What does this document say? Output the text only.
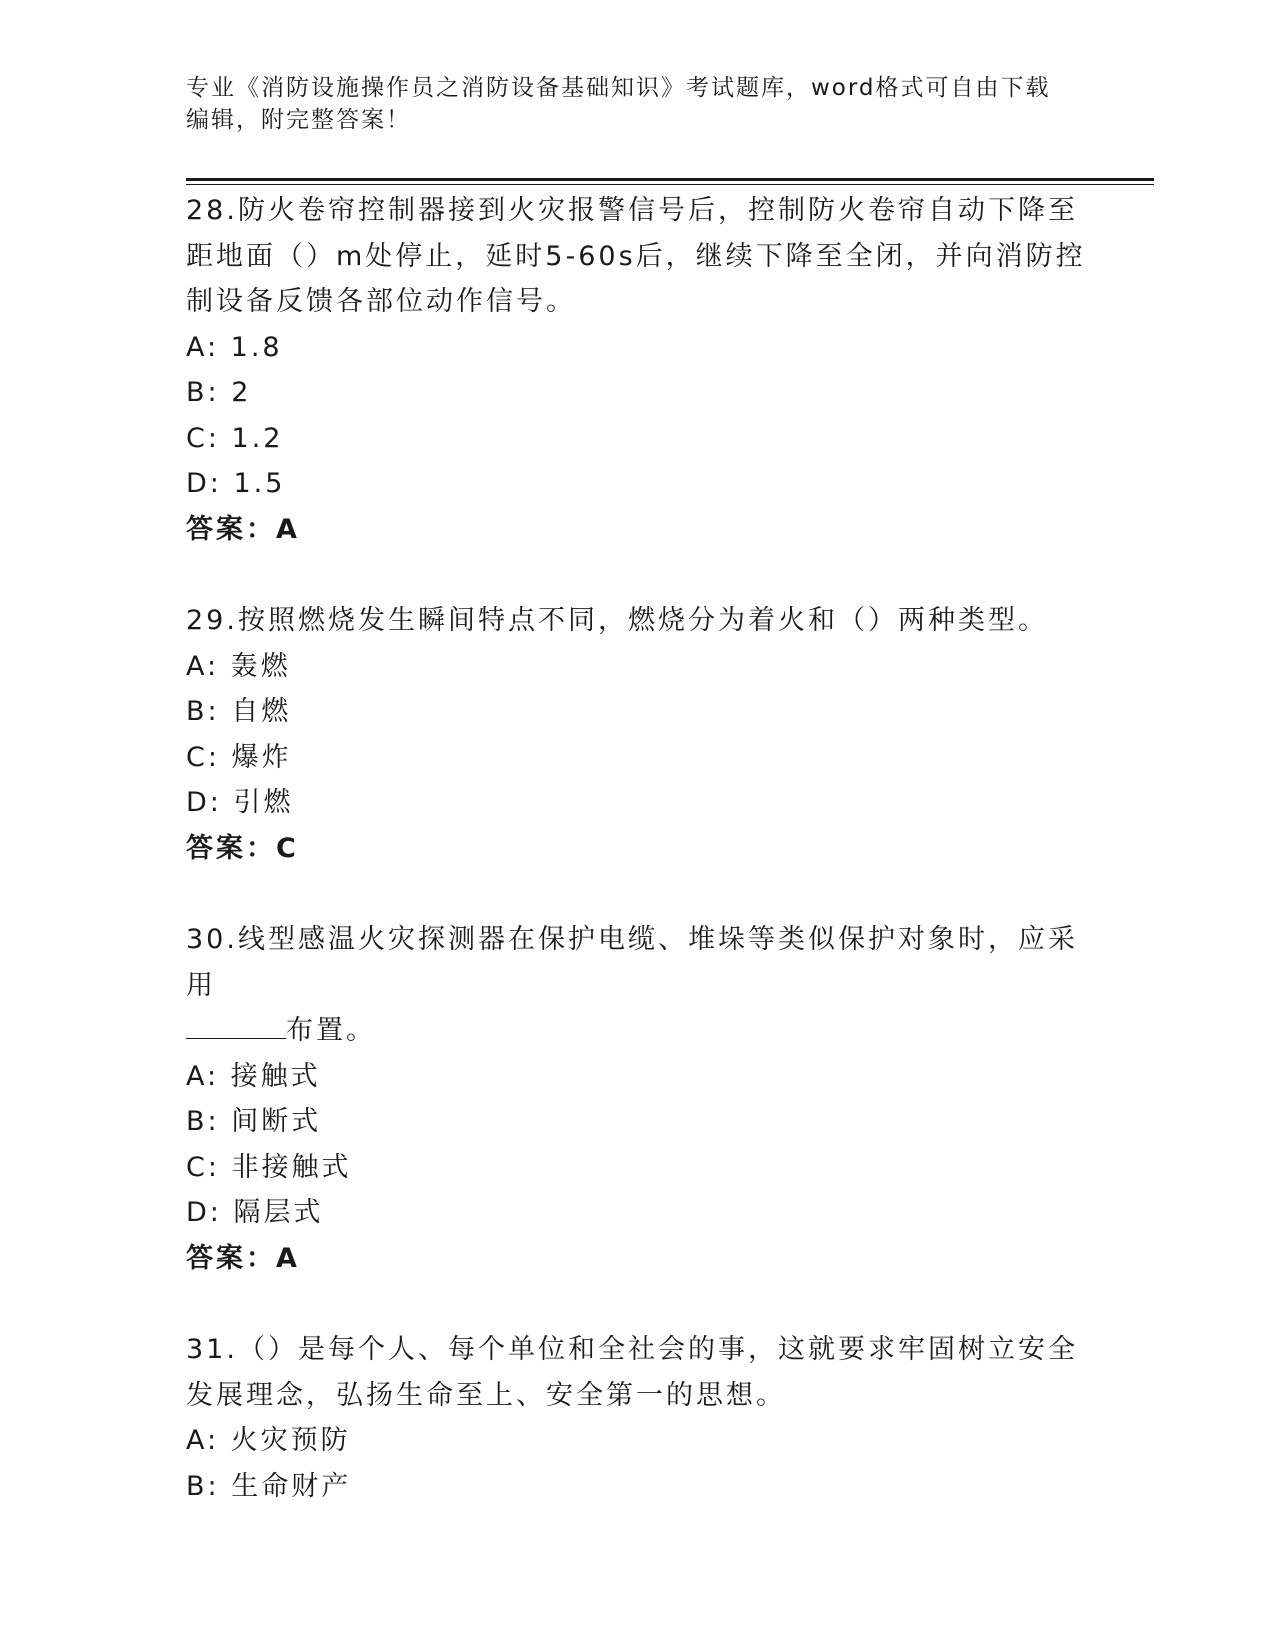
专业《消防设施操作员之消防设备基础知识》考试题库，word格式可自由下载编辑，附完整答案！
28.防火卷帘控制器接到火灾报警信号后，控制防火卷帘自动下降至距地面（）m处停止，延时5-60s后，继续下降至全闭，并向消防控制设备反馈各部位动作信号。
A: 1.8
B: 2
C: 1.2
D: 1.5
答案：A
29.按照燃烧发生瞬间特点不同，燃烧分为着火和（）两种类型。
A: 轰燃
B: 自燃
C: 爆炸
D: 引燃
答案：C
30.线型感温火灾探测器在保护电缆、堆垛等类似保护对象时，应采用
布置。
A: 接触式
B: 间断式
C: 非接触式
D: 隔层式
答案：A
31.（）是每个人、每个单位和全社会的事，这就要求牢固树立安全发展理念，弘扬生命至上、安全第一的思想。
A: 火灾预防
B: 生命财产
